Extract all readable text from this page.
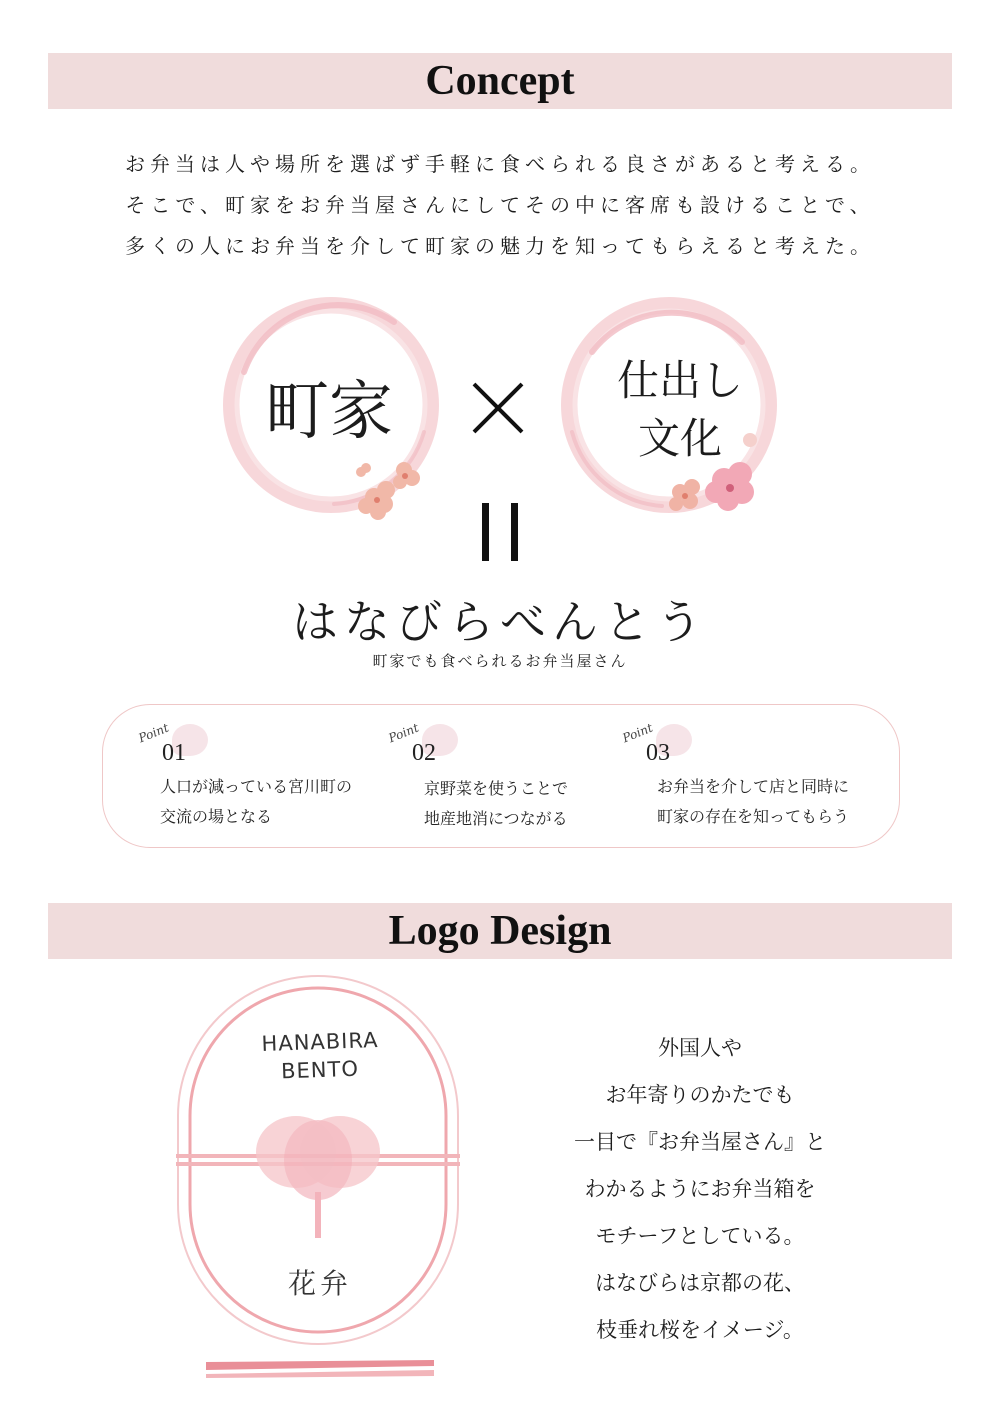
Concept

お弁当は人や場所を選ばず手軽に食べられる良さがあると考える。

そこで、町家をお弁当屋さんにしてその中に客席も設けることで、

多くの人にお弁当を介して町家の魅力を知ってもらえると考えた。

町家	仕出し
文化
はなびらべんとう
町家でも食べられるお弁当屋さん
Point
01
人口が減っている宮川町の
交流の場となる
Point
02
京野菜を使うことで
地産地消につながる
Point
03
お弁当を介して店と同時に
町家の存在を知ってもらう
Logo Design
HANABIRA
BENTO
花弁
外国人や
お年寄りのかたでも
一目で『お弁当屋さん』と
わかるようにお弁当箱を
モチーフとしている。
はなびらは京都の花、
枝垂れ桜をイメージ。
